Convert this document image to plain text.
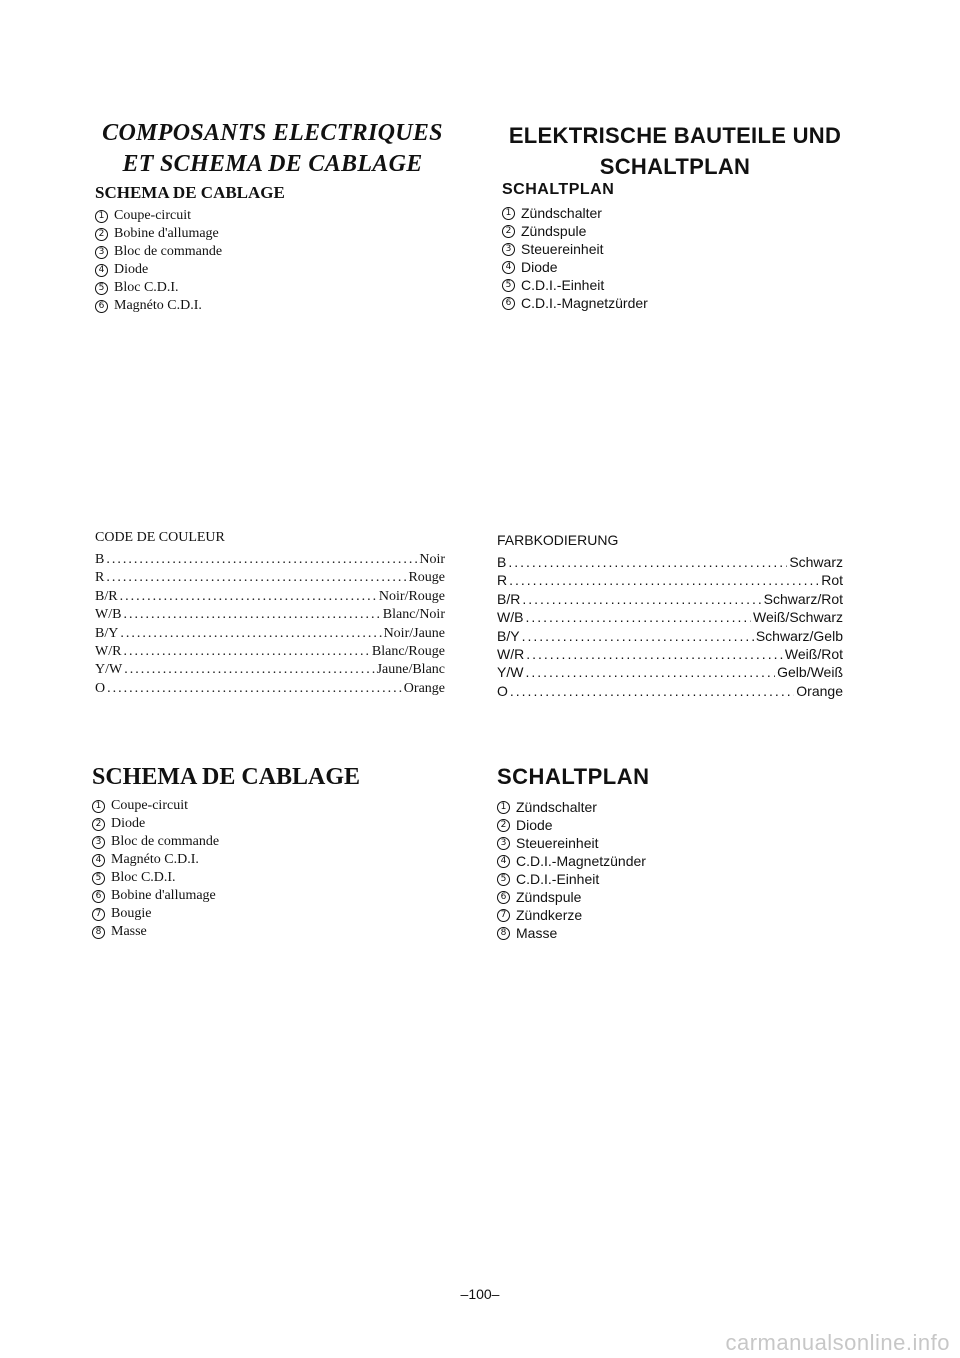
COMPOSANTS ELECTRIQUES
ET SCHEMA DE CABLAGE
SCHEMA DE CABLAGE
1 Coupe-circuit
2 Bobine d'allumage
3 Bloc de commande
4 Diode
5 Bloc C.D.I.
6 Magnéto C.D.I.
ELEKTRISCHE BAUTEILE UND
SCHALTPLAN
SCHALTPLAN
1 Zündschalter
2 Zündspule
3 Steuereinheit
4 Diode
5 C.D.I.-Einheit
6 C.D.I.-Magnetzürder

CODE DE COULEUR

B .....	Noir
R .....	Rouge
B/R .....	Noir/Rouge
W/B .....	Blanc/Noir
B/Y .....	Noir/Jaune
W/R .....	Blanc/Rouge
Y/W .....	Jaune/Blanc
O .....	Orange

FARBKODIERUNG

B .....	Schwarz
R .....	Rot
B/R .....	Schwarz/Rot
W/B .....	Weiß/Schwarz
B/Y .....	Schwarz/Gelb
W/R .....	Weiß/Rot
Y/W .....	Gelb/Weiß
O .....	Orange
SCHEMA DE CABLAGE
1 Coupe-circuit
2 Diode
3 Bloc de commande
4 Magnéto C.D.I.
5 Bloc C.D.I.
6 Bobine d'allumage
7 Bougie
8 Masse
SCHALTPLAN
1 Zündschalter
2 Diode
3 Steuereinheit
4 C.D.I.-Magnetzünder
5 C.D.I.-Einheit
6 Zündspule
7 Zündkerze
8 Masse
–100–
carmanualsonline.info
